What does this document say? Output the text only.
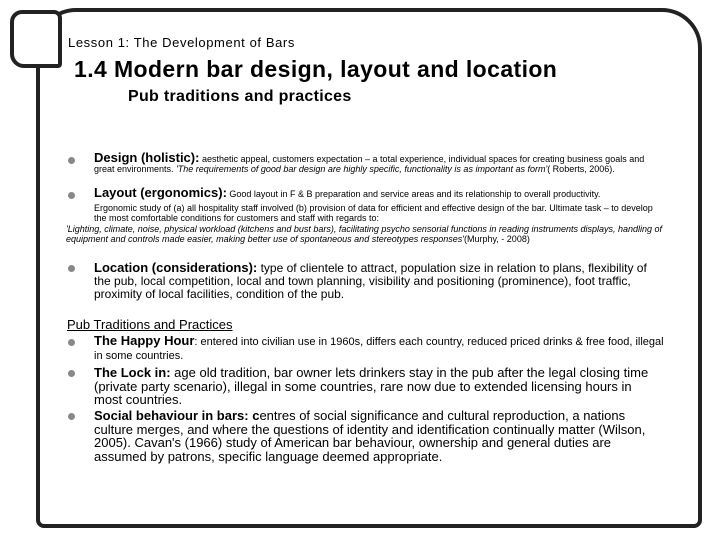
Lesson 1: The Development of Bars
1.4 Modern bar design, layout and location
Pub traditions and practices
Design (holistic): aesthetic appeal, customers expectation – a total experience, individual spaces for creating business goals and great environments. 'The requirements of good bar design are highly specific, functionality is as important as form'( Roberts, 2006).
Layout (ergonomics): Good layout in F & B preparation and service areas and its relationship to overall productivity.
Ergonomic study of (a) all hospitality staff involved (b) provision of data for efficient and effective design of the bar. Ultimate task – to develop the most comfortable conditions for customers and staff with regards to:
'Lighting, climate, noise, physical workload (kitchens and bust bars), facilitating psycho sensorial functions in reading instruments displays, handling of equipment and controls made easier, making better use of spontaneous and stereotypes responses'(Murphy, - 2008)
Location (considerations): type of clientele to attract, population size in relation to plans, flexibility of the pub, local competition, local and town planning, visibility and positioning (prominence), foot traffic, proximity of local facilities, condition of the pub.
Pub Traditions and Practices
The Happy Hour: entered into civilian use in 1960s, differs each country, reduced priced drinks & free food, illegal in some countries.
The Lock in: age old tradition, bar owner lets drinkers stay in the pub after the legal closing time (private party scenario), illegal in some countries, rare now due to extended licensing hours in most countries.
Social behaviour in bars: centres of social significance and cultural reproduction, a nations culture merges, and where the questions of identity and identification continually matter (Wilson, 2005). Cavan's (1966) study of American bar behaviour, ownership and general duties are assumed by patrons, specific language deemed appropriate.
